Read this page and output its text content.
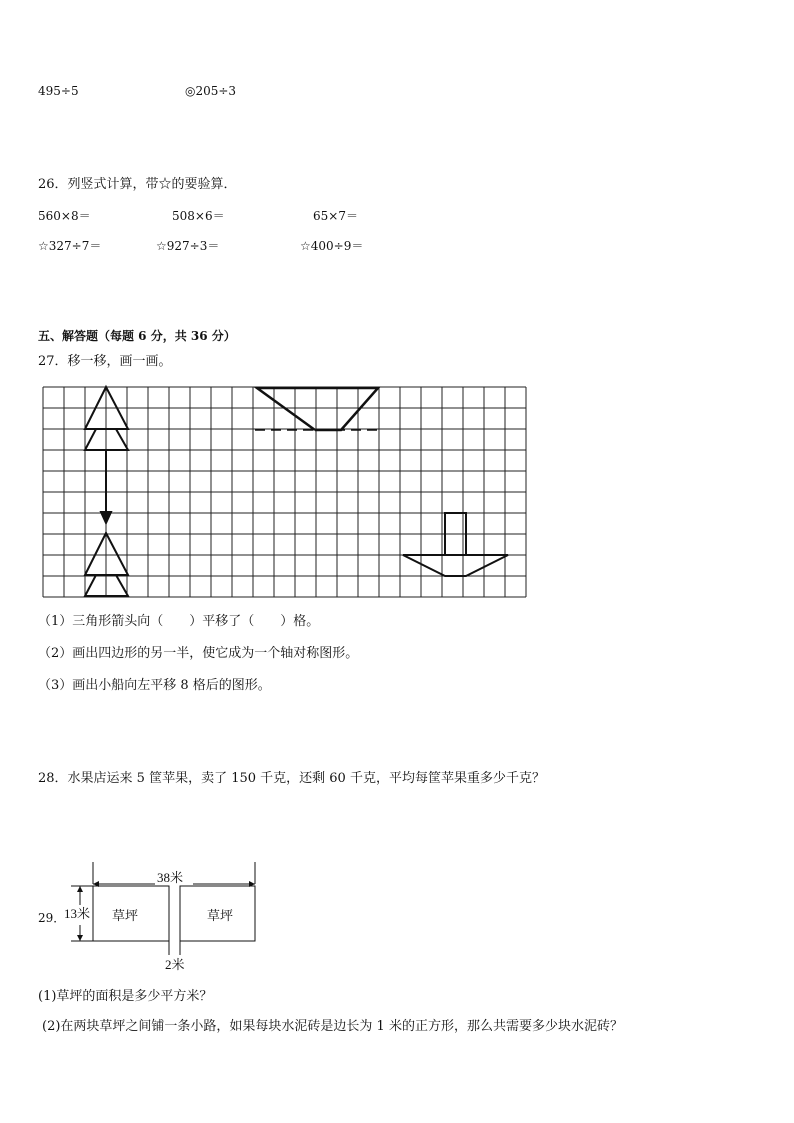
495÷5	◎205÷3
26．列竖式计算，带☆的要验算．
560×8＝	508×6＝	65×7＝
☆327÷7＝	☆927÷3＝	☆400÷9＝
五、解答题（每题 6 分，共 36 分）
27．移一移，画一画。
（1）三角形箭头向（　　）平移了（　　）格。
（2）画出四边形的另一半，使它成为一个轴对称图形。
（3）画出小船向左平移 8 格后的图形。
28．水果店运来 5 筐苹果，卖了 150 千克，还剩 60 千克，平均每筐苹果重多少千克？
29．
38米
13米 草坪	草坪
2米
(1)草坪的面积是多少平方米？
(2)在两块草坪之间铺一条小路，如果每块水泥砖是边长为 1 米的正方形，那么共需要多少块水泥砖？
